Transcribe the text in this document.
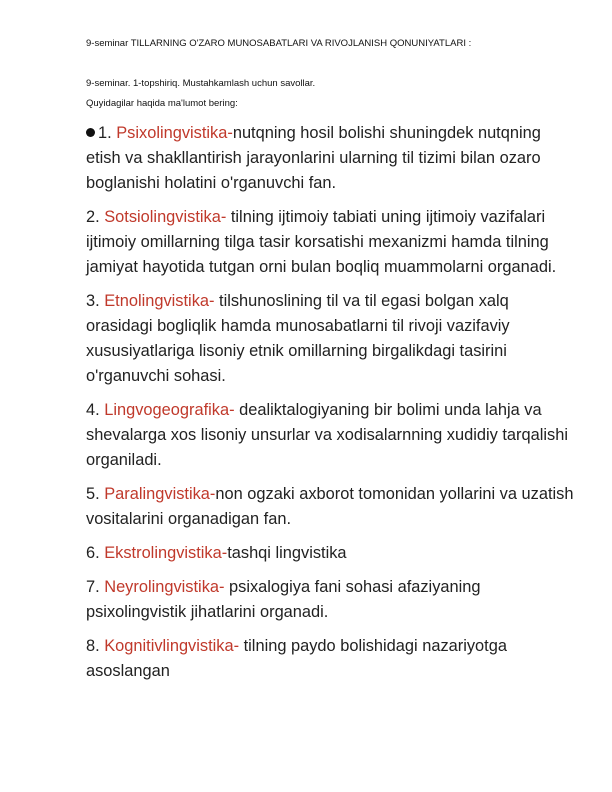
9-seminar TILLARNING O'ZARO MUNOSABATLARI VA RIVOJLANISH QONUNIYATLARI :
9-seminar. 1-topshiriq. Mustahkamlash uchun savollar.
Quyidagilar haqida ma'lumot bering:

1. Psixolingvistika-nutqning hosil bolishi shuningdek nutqning etish va shakllantirish jarayonlarini ularning til tizimi bilan ozaro boglanishi holatini o'rganuvchi fan.

2. Sotsiolingvistika- tilning ijtimoiy tabiati uning ijtimoiy vazifalari ijtimoiy omillarning tilga tasir korsatishi mexanizmi hamda tilning jamiyat hayotida tutgan orni bulan boqliq muammolarni organadi.

3. Etnolingvistika- tilshunoslining til va til egasi bolgan xalq orasidagi bogliqlik hamda munosabatlarni til rivoji vazifaviy xususiyatlariga lisoniy etnik omillarning birgalikdagi tasirini o'rganuvchi sohasi.

4. Lingvogeografika- dealiktalogiyaning bir bolimi unda lahja va shevalarga xos lisoniy unsurlar va xodisalarnning xudidiy tarqalishi organiladi.

5. Paralingvistika-non ogzaki axborot tomonidan yollarini va uzatish vositalarini organadigan fan.

6. Ekstrolingvistika-tashqi lingvistika

7. Neyrolingvistika- psixalogiya fani sohasi afaziyaning psixolingvistik jihatlarini organadi.

8. Kognitivlingvistika- tilning paydo bolishidagi nazariyotga asoslangan
